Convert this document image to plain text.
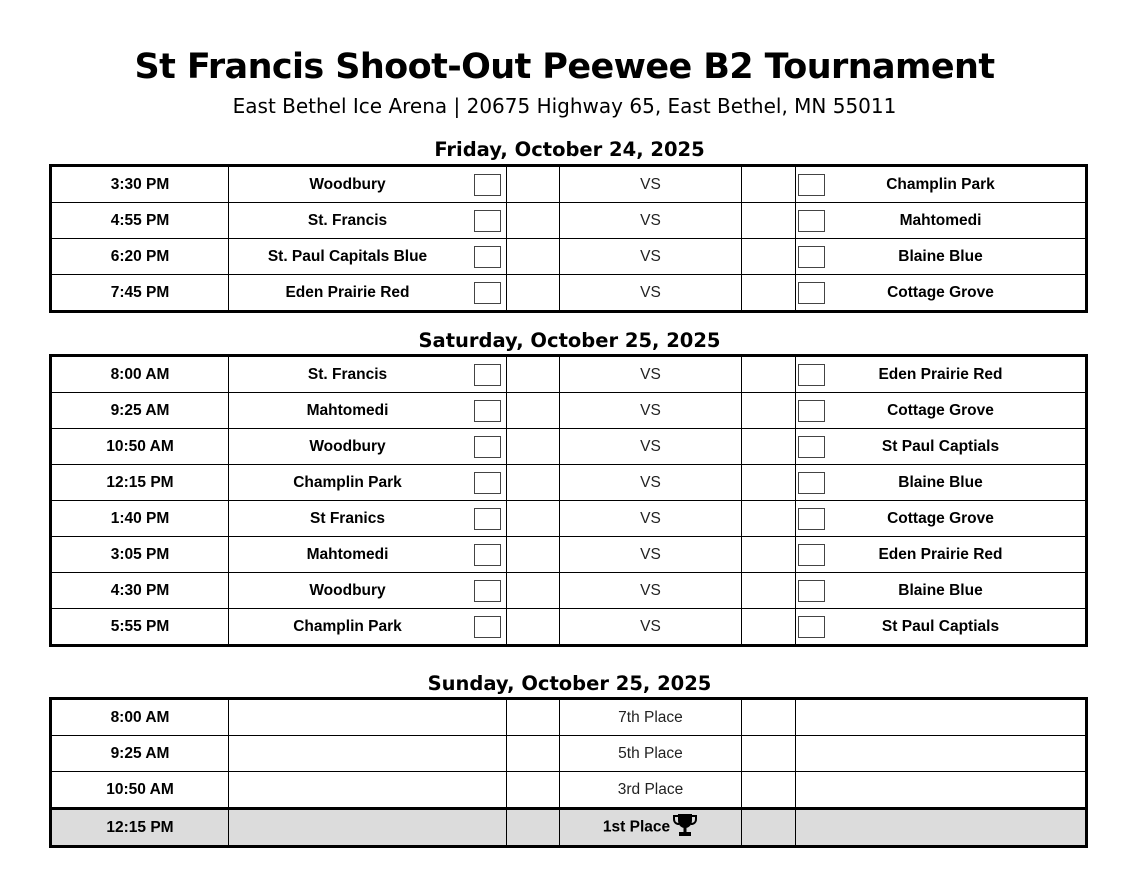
St Francis Shoot-Out Peewee B2 Tournament
East Bethel Ice Arena | 20675 Highway 65, East Bethel, MN 55011
Friday, October 24, 2025
3:30 PM	Woodbury		VS		Champlin Park

4:55 PM	St. Francis		VS		Mahtomedi

6:20 PM	St. Paul Capitals Blue		VS		Blaine Blue

7:45 PM	Eden Prairie Red		VS		Cottage Grove
Saturday, October 25, 2025
8:00 AM	St. Francis		VS		Eden Prairie Red

9:25 AM	Mahtomedi		VS		Cottage Grove

10:50 AM	Woodbury		VS		St Paul Captials

12:15 PM	Champlin Park		VS		Blaine Blue

1:40 PM	St Franics		VS		Cottage Grove

3:05 PM	Mahtomedi		VS		Eden Prairie Red

4:30 PM	Woodbury		VS		Blaine Blue

5:55 PM	Champlin Park		VS		St Paul Captials
Sunday, October 25, 2025
8:00 AM			7th Place		
9:25 AM			5th Place		
10:50 AM			3rd Place		
12:15 PM			1st Place		
